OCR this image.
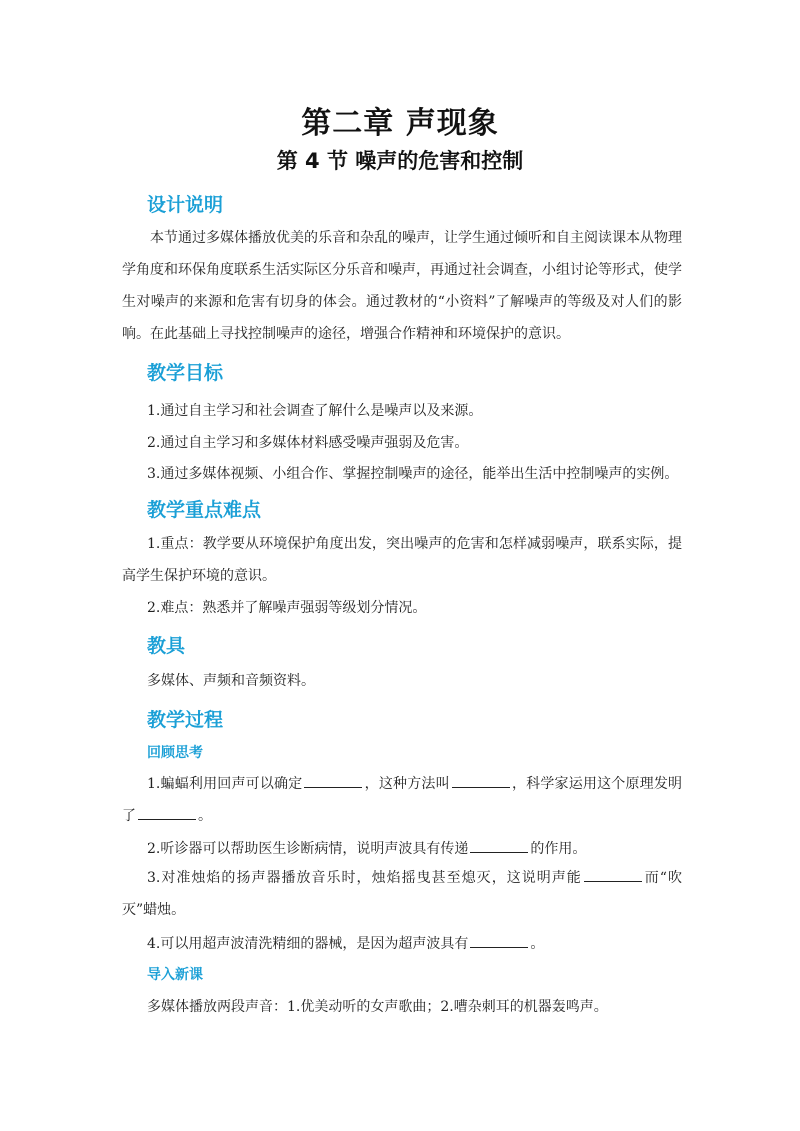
第二章 声现象
第 4 节 噪声的危害和控制
设计说明

本节通过多媒体播放优美的乐音和杂乱的噪声，让学生通过倾听和自主阅读课本从物理学角度和环保角度联系生活实际区分乐音和噪声，再通过社会调查，小组讨论等形式，使学生对噪声的来源和危害有切身的体会。通过教材的“小资料”了解噪声的等级及对人们的影响。在此基础上寻找控制噪声的途径，增强合作精神和环境保护的意识。

教学目标
1.通过自主学习和社会调查了解什么是噪声以及来源。
2.通过自主学习和多媒体材料感受噪声强弱及危害。
3.通过多媒体视频、小组合作、掌握控制噪声的途径，能举出生活中控制噪声的实例。
教学重点难点

1.重点：教学要从环境保护角度出发，突出噪声的危害和怎样减弱噪声，联系实际，提高学生保护环境的意识。

2.难点：熟悉并了解噪声强弱等级划分情况。
教具
多媒体、声频和音频资料。
教学过程
回顾思考

1.蝙蝠利用回声可以确定	，这种方法叫	，科学家运用这个原理发明了	。

2.听诊器可以帮助医生诊断病情，说明声波具有传递	的作用。

3.对准烛焰的扬声器播放音乐时，烛焰摇曳甚至熄灭，这说明声能	而“吹灭”蜡烛。

4.可以用超声波清洗精细的器械，是因为超声波具有	。
导入新课
多媒体播放两段声音：1.优美动听的女声歌曲；2.嘈杂刺耳的机器轰鸣声。
